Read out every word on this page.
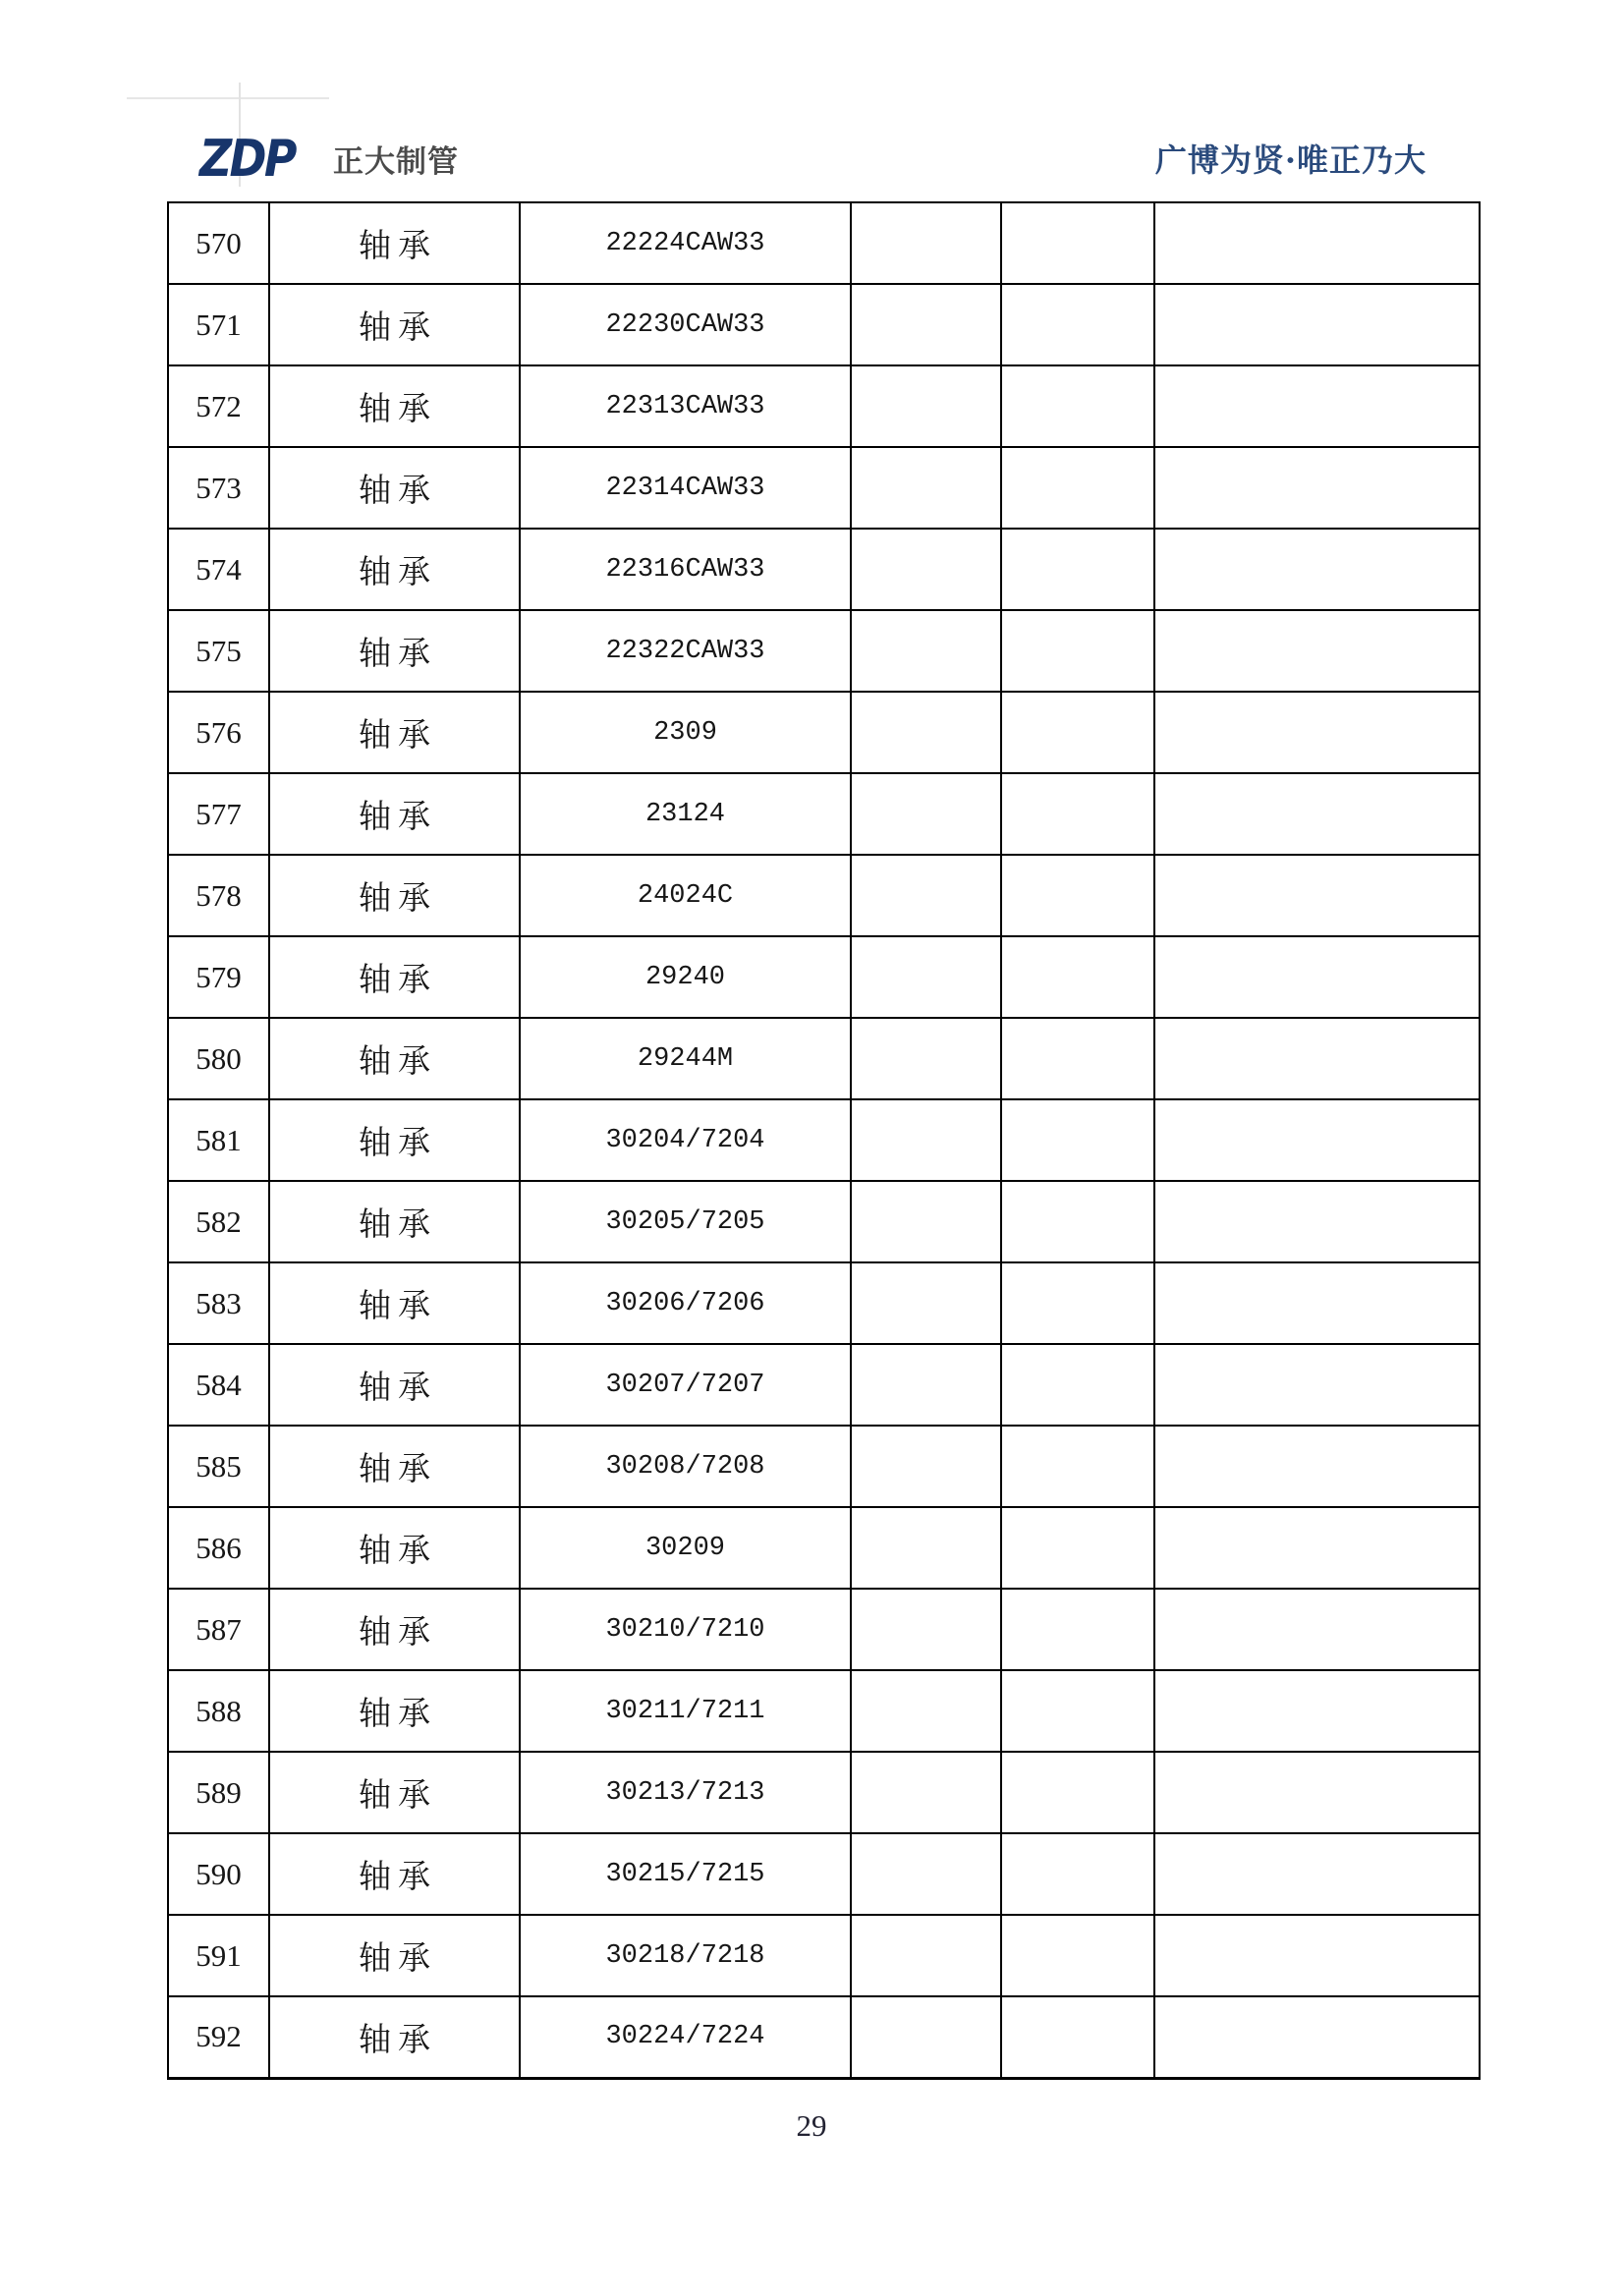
ZDP 正大制管	广博为贤·唯正乃大
570	轴承	22224CAW33			
571	轴承	22230CAW33			
572	轴承	22313CAW33			
573	轴承	22314CAW33			
574	轴承	22316CAW33			
575	轴承	22322CAW33			
576	轴承	2309			
577	轴承	23124			
578	轴承	24024C			
579	轴承	29240			
580	轴承	29244M			
581	轴承	30204/7204			
582	轴承	30205/7205			
583	轴承	30206/7206			
584	轴承	30207/7207			
585	轴承	30208/7208			
586	轴承	30209			
587	轴承	30210/7210			
588	轴承	30211/7211			
589	轴承	30213/7213			
590	轴承	30215/7215			
591	轴承	30218/7218			
592	轴承	30224/7224			
29
